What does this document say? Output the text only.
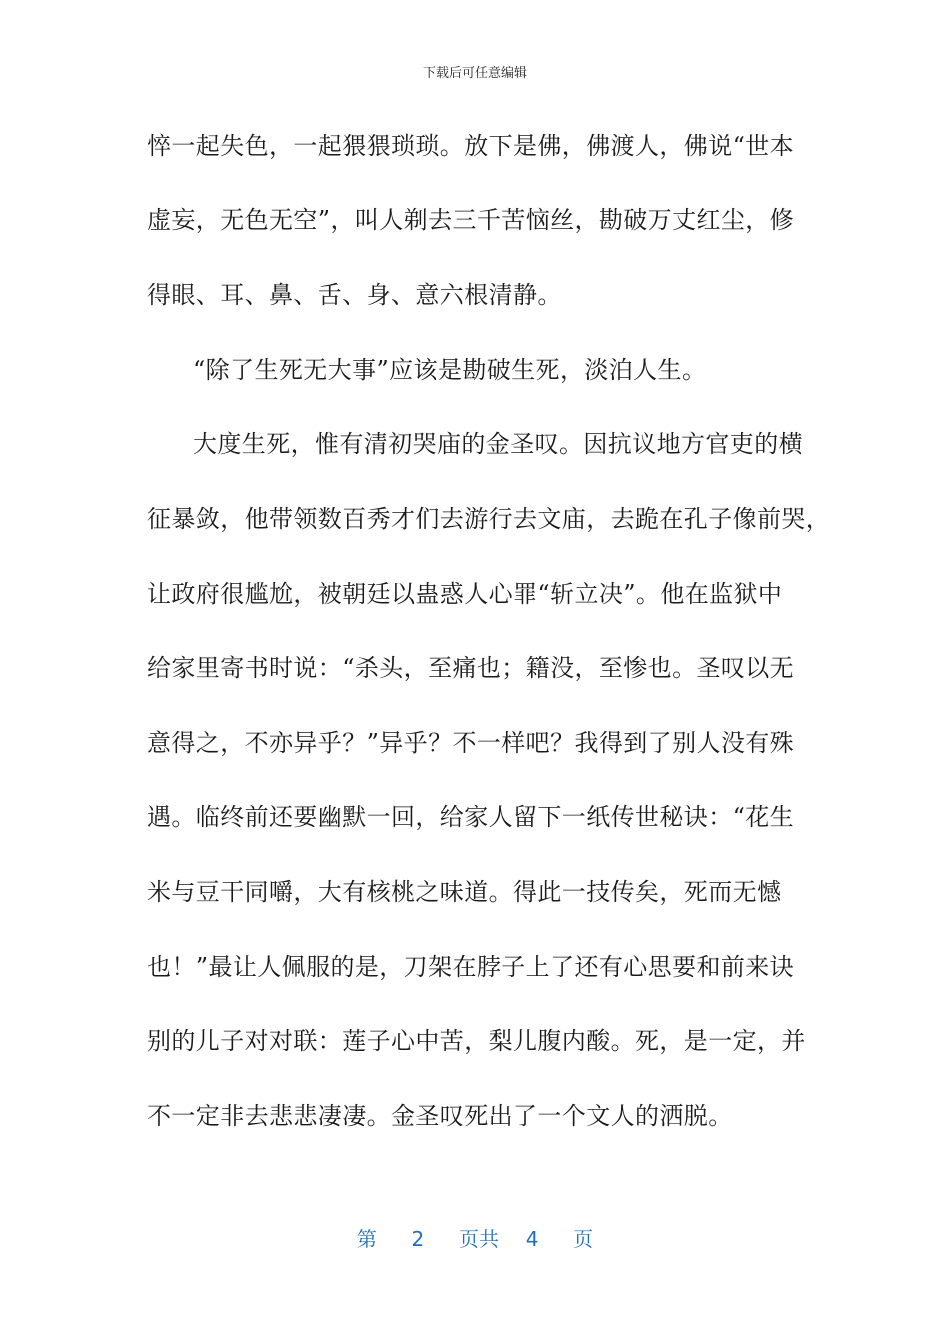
下载后可任意编辑
悴一起失色，一起猥猥琐琐。放下是佛，佛渡人，佛说“世本
虚妄，无色无空”，叫人剃去三千苦恼丝，勘破万丈红尘，修
得眼、耳、鼻、舌、身、意六根清静。
“除了生死无大事”应该是勘破生死，淡泊人生。
大度生死，惟有清初哭庙的金圣叹。因抗议地方官吏的横
征暴敛，他带领数百秀才们去游行去文庙，去跪在孔子像前哭，
让政府很尴尬，被朝廷以蛊惑人心罪“斩立决”。他在监狱中
给家里寄书时说：“杀头，至痛也；籍没，至惨也。圣叹以无
意得之，不亦异乎？”异乎？不一样吧？我得到了别人没有殊
遇。临终前还要幽默一回，给家人留下一纸传世秘诀：“花生
米与豆干同嚼，大有核桃之味道。得此一技传矣，死而无憾
也！”最让人佩服的是，刀架在脖子上了还有心思要和前来诀
别的儿子对对联：莲子心中苦，梨儿腹内酸。死，是一定，并
不一定非去悲悲凄凄。金圣叹死出了一个文人的洒脱。
第 2 页共 4 页
